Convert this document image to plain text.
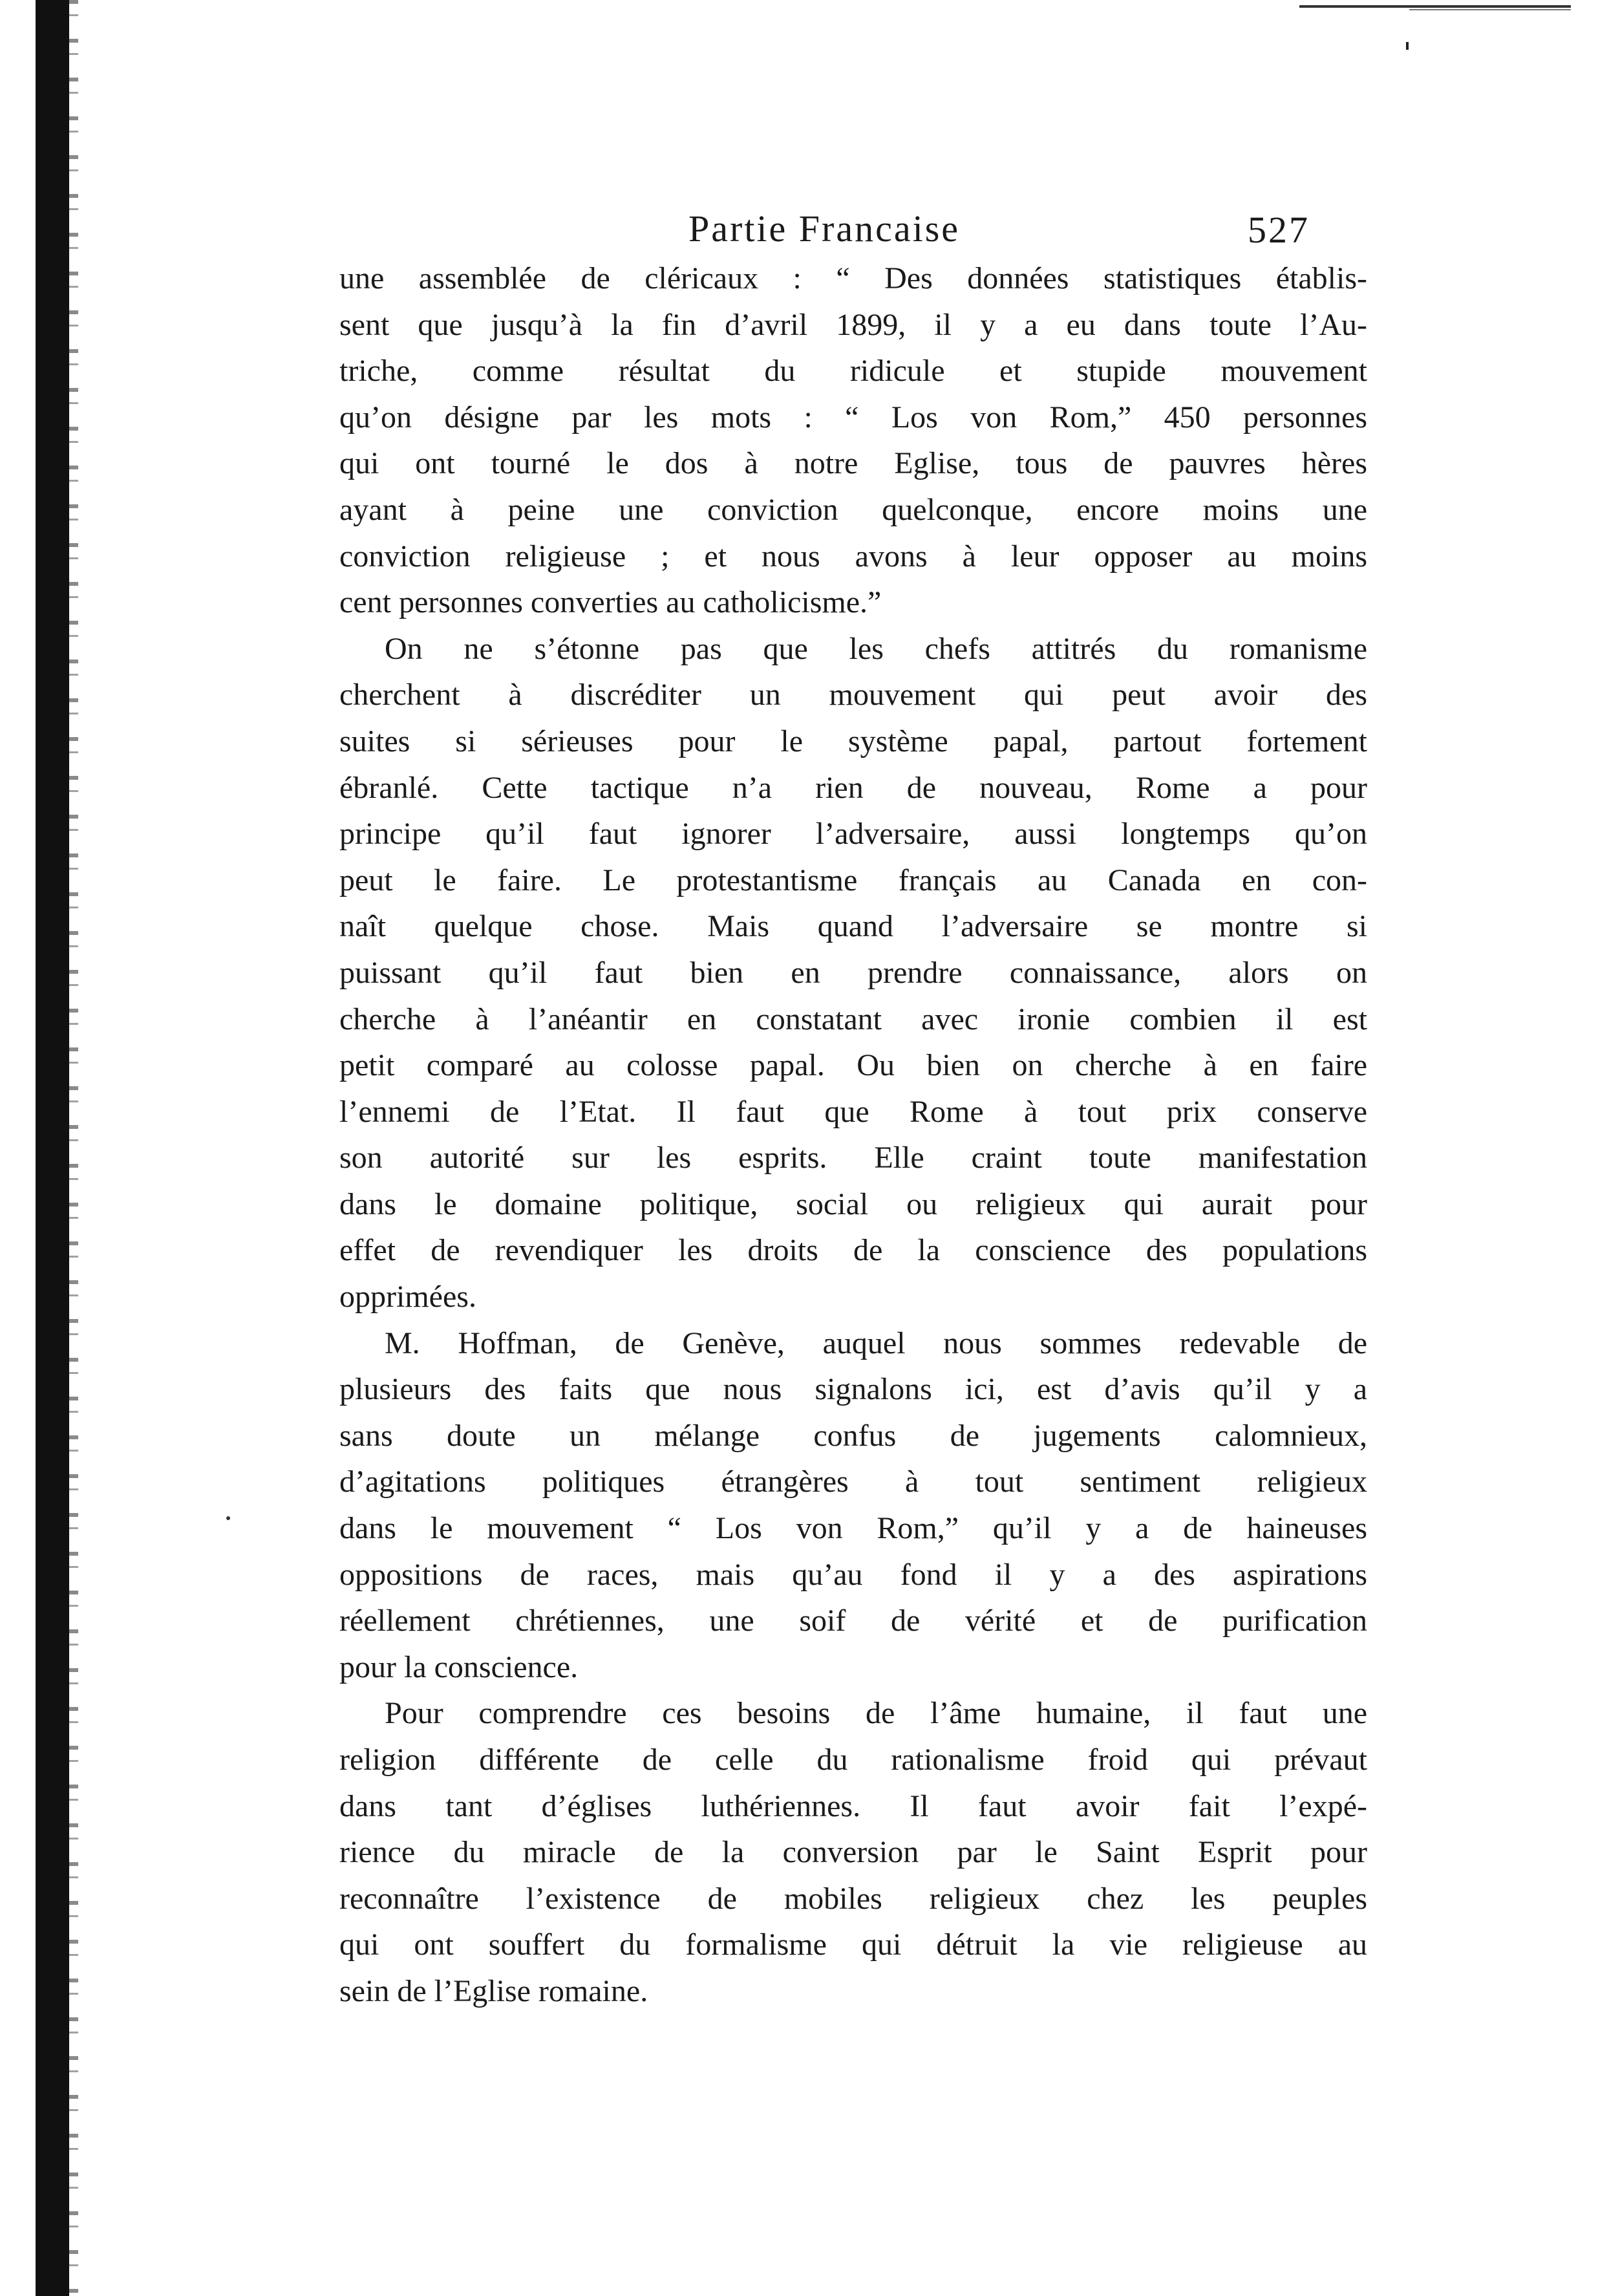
Partie Francaise	527

une assemblée de cléricaux : “ Des données statistiques établis-

sent que jusqu’à la fin d’avril 1899, il y a eu dans toute l’Au-

triche, comme résultat du ridicule et stupide mouvement

qu’on désigne par les mots : “ Los von Rom,” 450 personnes

qui ont tourné le dos à notre Eglise, tous de pauvres hères

ayant à peine une conviction quelconque, encore moins une

conviction religieuse ; et nous avons à leur opposer au moins

cent personnes converties au catholicisme.”

On ne s’étonne pas que les chefs attitrés du romanisme

cherchent à discréditer un mouvement qui peut avoir des

suites si sérieuses pour le système papal, partout fortement

ébranlé. Cette tactique n’a rien de nouveau, Rome a pour

principe qu’il faut ignorer l’adversaire, aussi longtemps qu’on

peut le faire. Le protestantisme français au Canada en con-

naît quelque chose. Mais quand l’adversaire se montre si

puissant qu’il faut bien en prendre connaissance, alors on

cherche à l’anéantir en constatant avec ironie combien il est

petit comparé au colosse papal. Ou bien on cherche à en faire

l’ennemi de l’Etat. Il faut que Rome à tout prix conserve

son autorité sur les esprits. Elle craint toute manifestation

dans le domaine politique, social ou religieux qui aurait pour

effet de revendiquer les droits de la conscience des populations

opprimées.

M. Hoffman, de Genève, auquel nous sommes redevable de

plusieurs des faits que nous signalons ici, est d’avis qu’il y a

sans doute un mélange confus de jugements calomnieux,

d’agitations politiques étrangères à tout sentiment religieux

dans le mouvement “ Los von Rom,” qu’il y a de haineuses

oppositions de races, mais qu’au fond il y a des aspirations

réellement chrétiennes, une soif de vérité et de purification

pour la conscience.

Pour comprendre ces besoins de l’âme humaine, il faut une

religion différente de celle du rationalisme froid qui prévaut

dans tant d’églises luthériennes. Il faut avoir fait l’expé-

rience du miracle de la conversion par le Saint Esprit pour

reconnaître l’existence de mobiles religieux chez les peuples

qui ont souffert du formalisme qui détruit la vie religieuse au

sein de l’Eglise romaine.
